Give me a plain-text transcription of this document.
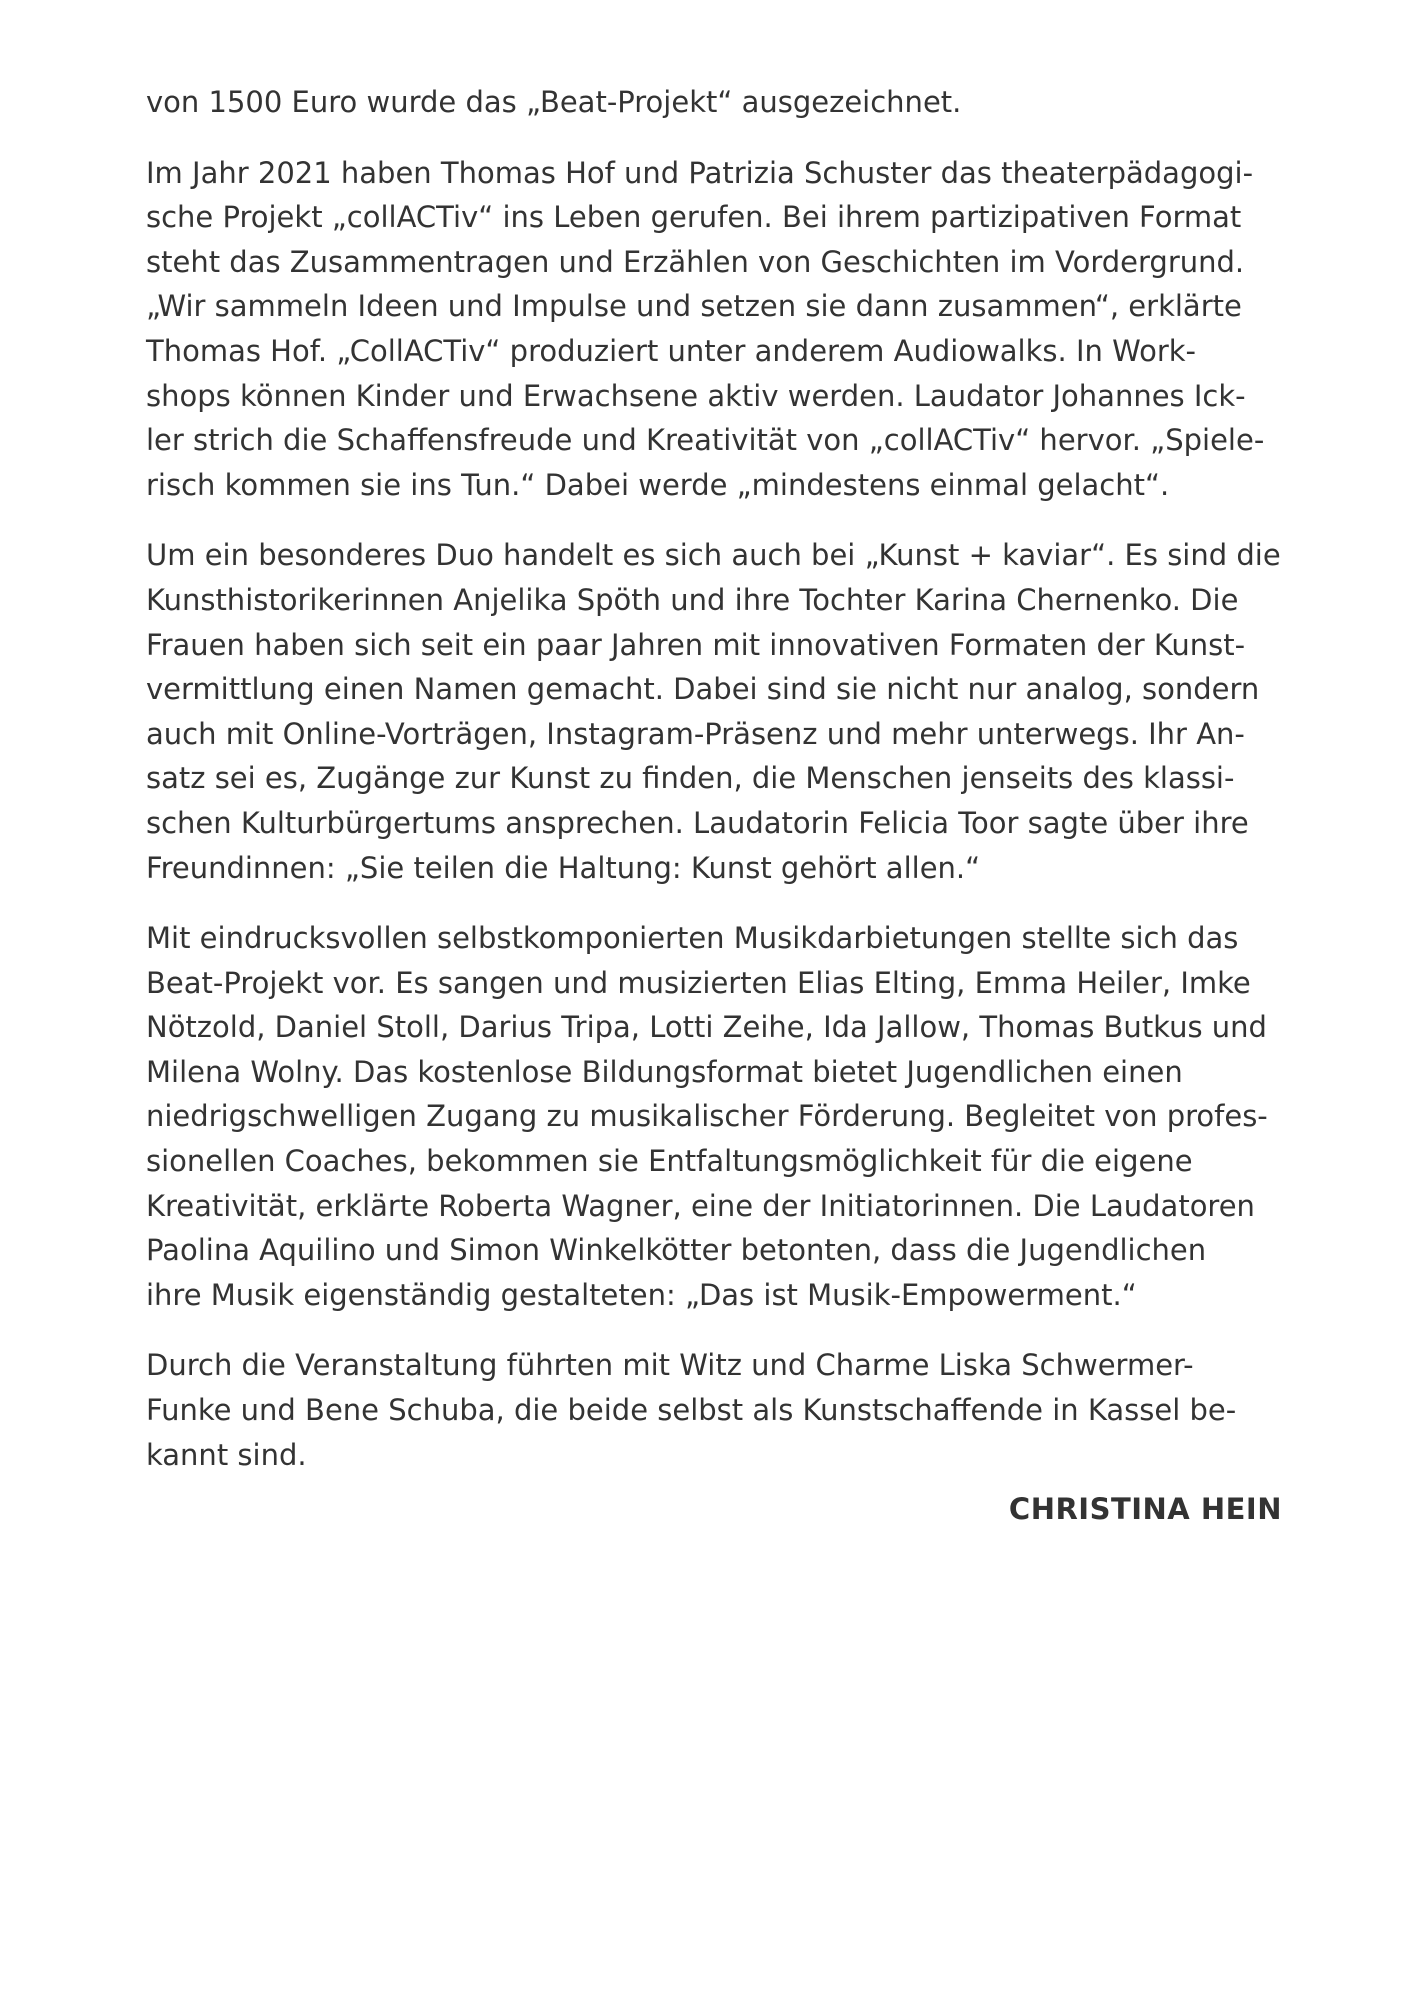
von 1500 Euro wurde das „Beat-Projekt“ ausgezeichnet.

Im Jahr 2021 haben Thomas Hof und Patrizia Schuster das theaterpädagogi-
sche Projekt „collACTiv“ ins Leben gerufen. Bei ihrem partizipativen Format
steht das Zusammentragen und Erzählen von Geschichten im Vordergrund.
„Wir sammeln Ideen und Impulse und setzen sie dann zusammen“, erklärte
Thomas Hof. „CollACTiv“ produziert unter anderem Audiowalks. In Work-
shops können Kinder und Erwachsene aktiv werden. Laudator Johannes Ick-
ler strich die Schaffensfreude und Kreativität von „collACTiv“ hervor. „Spiele-
risch kommen sie ins Tun.“ Dabei werde „mindestens einmal gelacht“.

Um ein besonderes Duo handelt es sich auch bei „Kunst + kaviar“. Es sind die
Kunsthistorikerinnen Anjelika Spöth und ihre Tochter Karina Chernenko. Die
Frauen haben sich seit ein paar Jahren mit innovativen Formaten der Kunst-
vermittlung einen Namen gemacht. Dabei sind sie nicht nur analog, sondern
auch mit Online-Vorträgen, Instagram-Präsenz und mehr unterwegs. Ihr An-
satz sei es, Zugänge zur Kunst zu finden, die Menschen jenseits des klassi-
schen Kulturbürgertums ansprechen. Laudatorin Felicia Toor sagte über ihre
Freundinnen: „Sie teilen die Haltung: Kunst gehört allen.“

Mit eindrucksvollen selbstkomponierten Musikdarbietungen stellte sich das
Beat-Projekt vor. Es sangen und musizierten Elias Elting, Emma Heiler, Imke
Nötzold, Daniel Stoll, Darius Tripa, Lotti Zeihe, Ida Jallow, Thomas Butkus und
Milena Wolny. Das kostenlose Bildungsformat bietet Jugendlichen einen
niedrigschwelligen Zugang zu musikalischer Förderung. Begleitet von profes-
sionellen Coaches, bekommen sie Entfaltungsmöglichkeit für die eigene
Kreativität, erklärte Roberta Wagner, eine der Initiatorinnen. Die Laudatoren
Paolina Aquilino und Simon Winkelkötter betonten, dass die Jugendlichen
ihre Musik eigenständig gestalteten: „Das ist Musik-Empowerment.“

Durch die Veranstaltung führten mit Witz und Charme Liska Schwermer-
Funke und Bene Schuba, die beide selbst als Kunstschaffende in Kassel be-
kannt sind.

CHRISTINA HEIN
